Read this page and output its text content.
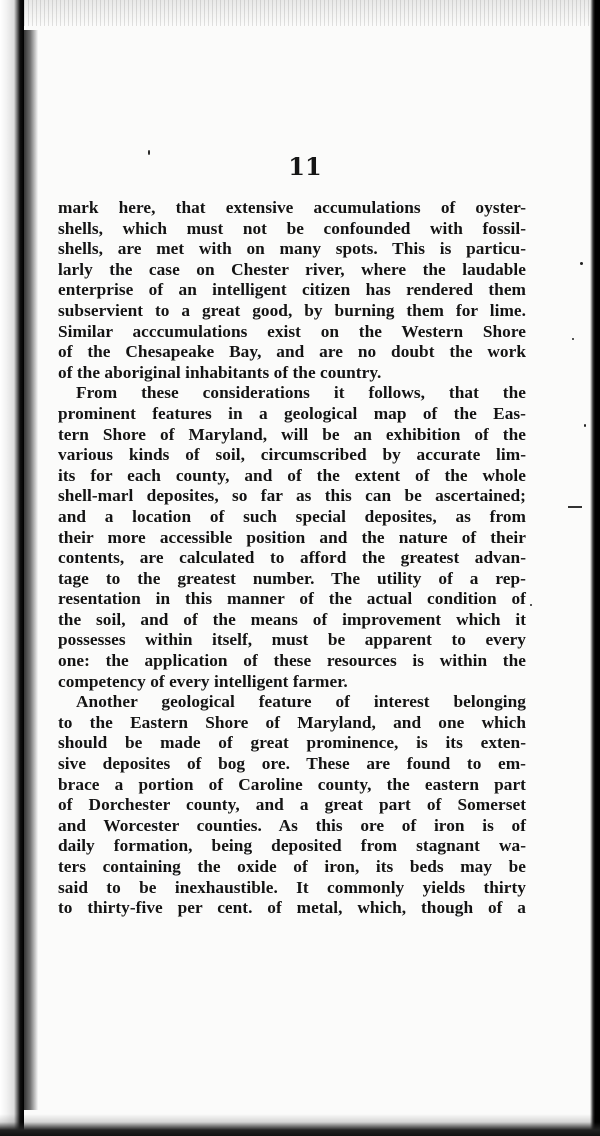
11
mark here, that extensive accumulations of oyster-
shells, which must not be confounded with fossil-
shells, are met with on many spots. This is particu-
larly the case on Chester river, where the laudable
enterprise of an intelligent citizen has rendered them
subservient to a great good, by burning them for lime.
Similar acccumulations exist on the Western Shore
of the Chesapeake Bay, and are no doubt the work
of the aboriginal inhabitants of the country.
From these considerations it follows, that the
prominent features in a geological map of the Eas-
tern Shore of Maryland, will be an exhibition of the
various kinds of soil, circumscribed by accurate lim-
its for each county, and of the extent of the whole
shell-marl deposites, so far as this can be ascertained;
and a location of such special deposites, as from
their more accessible position and the nature of their
contents, are calculated to afford the greatest advan-
tage to the greatest number. The utility of a rep-
resentation in this manner of the actual condition of
the soil, and of the means of improvement which it
possesses within itself, must be apparent to every
one: the application of these resources is within the
competency of every intelligent farmer.
Another geological feature of interest belonging
to the Eastern Shore of Maryland, and one which
should be made of great prominence, is its exten-
sive deposites of bog ore. These are found to em-
brace a portion of Caroline county, the eastern part
of Dorchester county, and a great part of Somerset
and Worcester counties. As this ore of iron is of
daily formation, being deposited from stagnant wa-
ters containing the oxide of iron, its beds may be
said to be inexhaustible. It commonly yields thirty
to thirty-five per cent. of metal, which, though of a
